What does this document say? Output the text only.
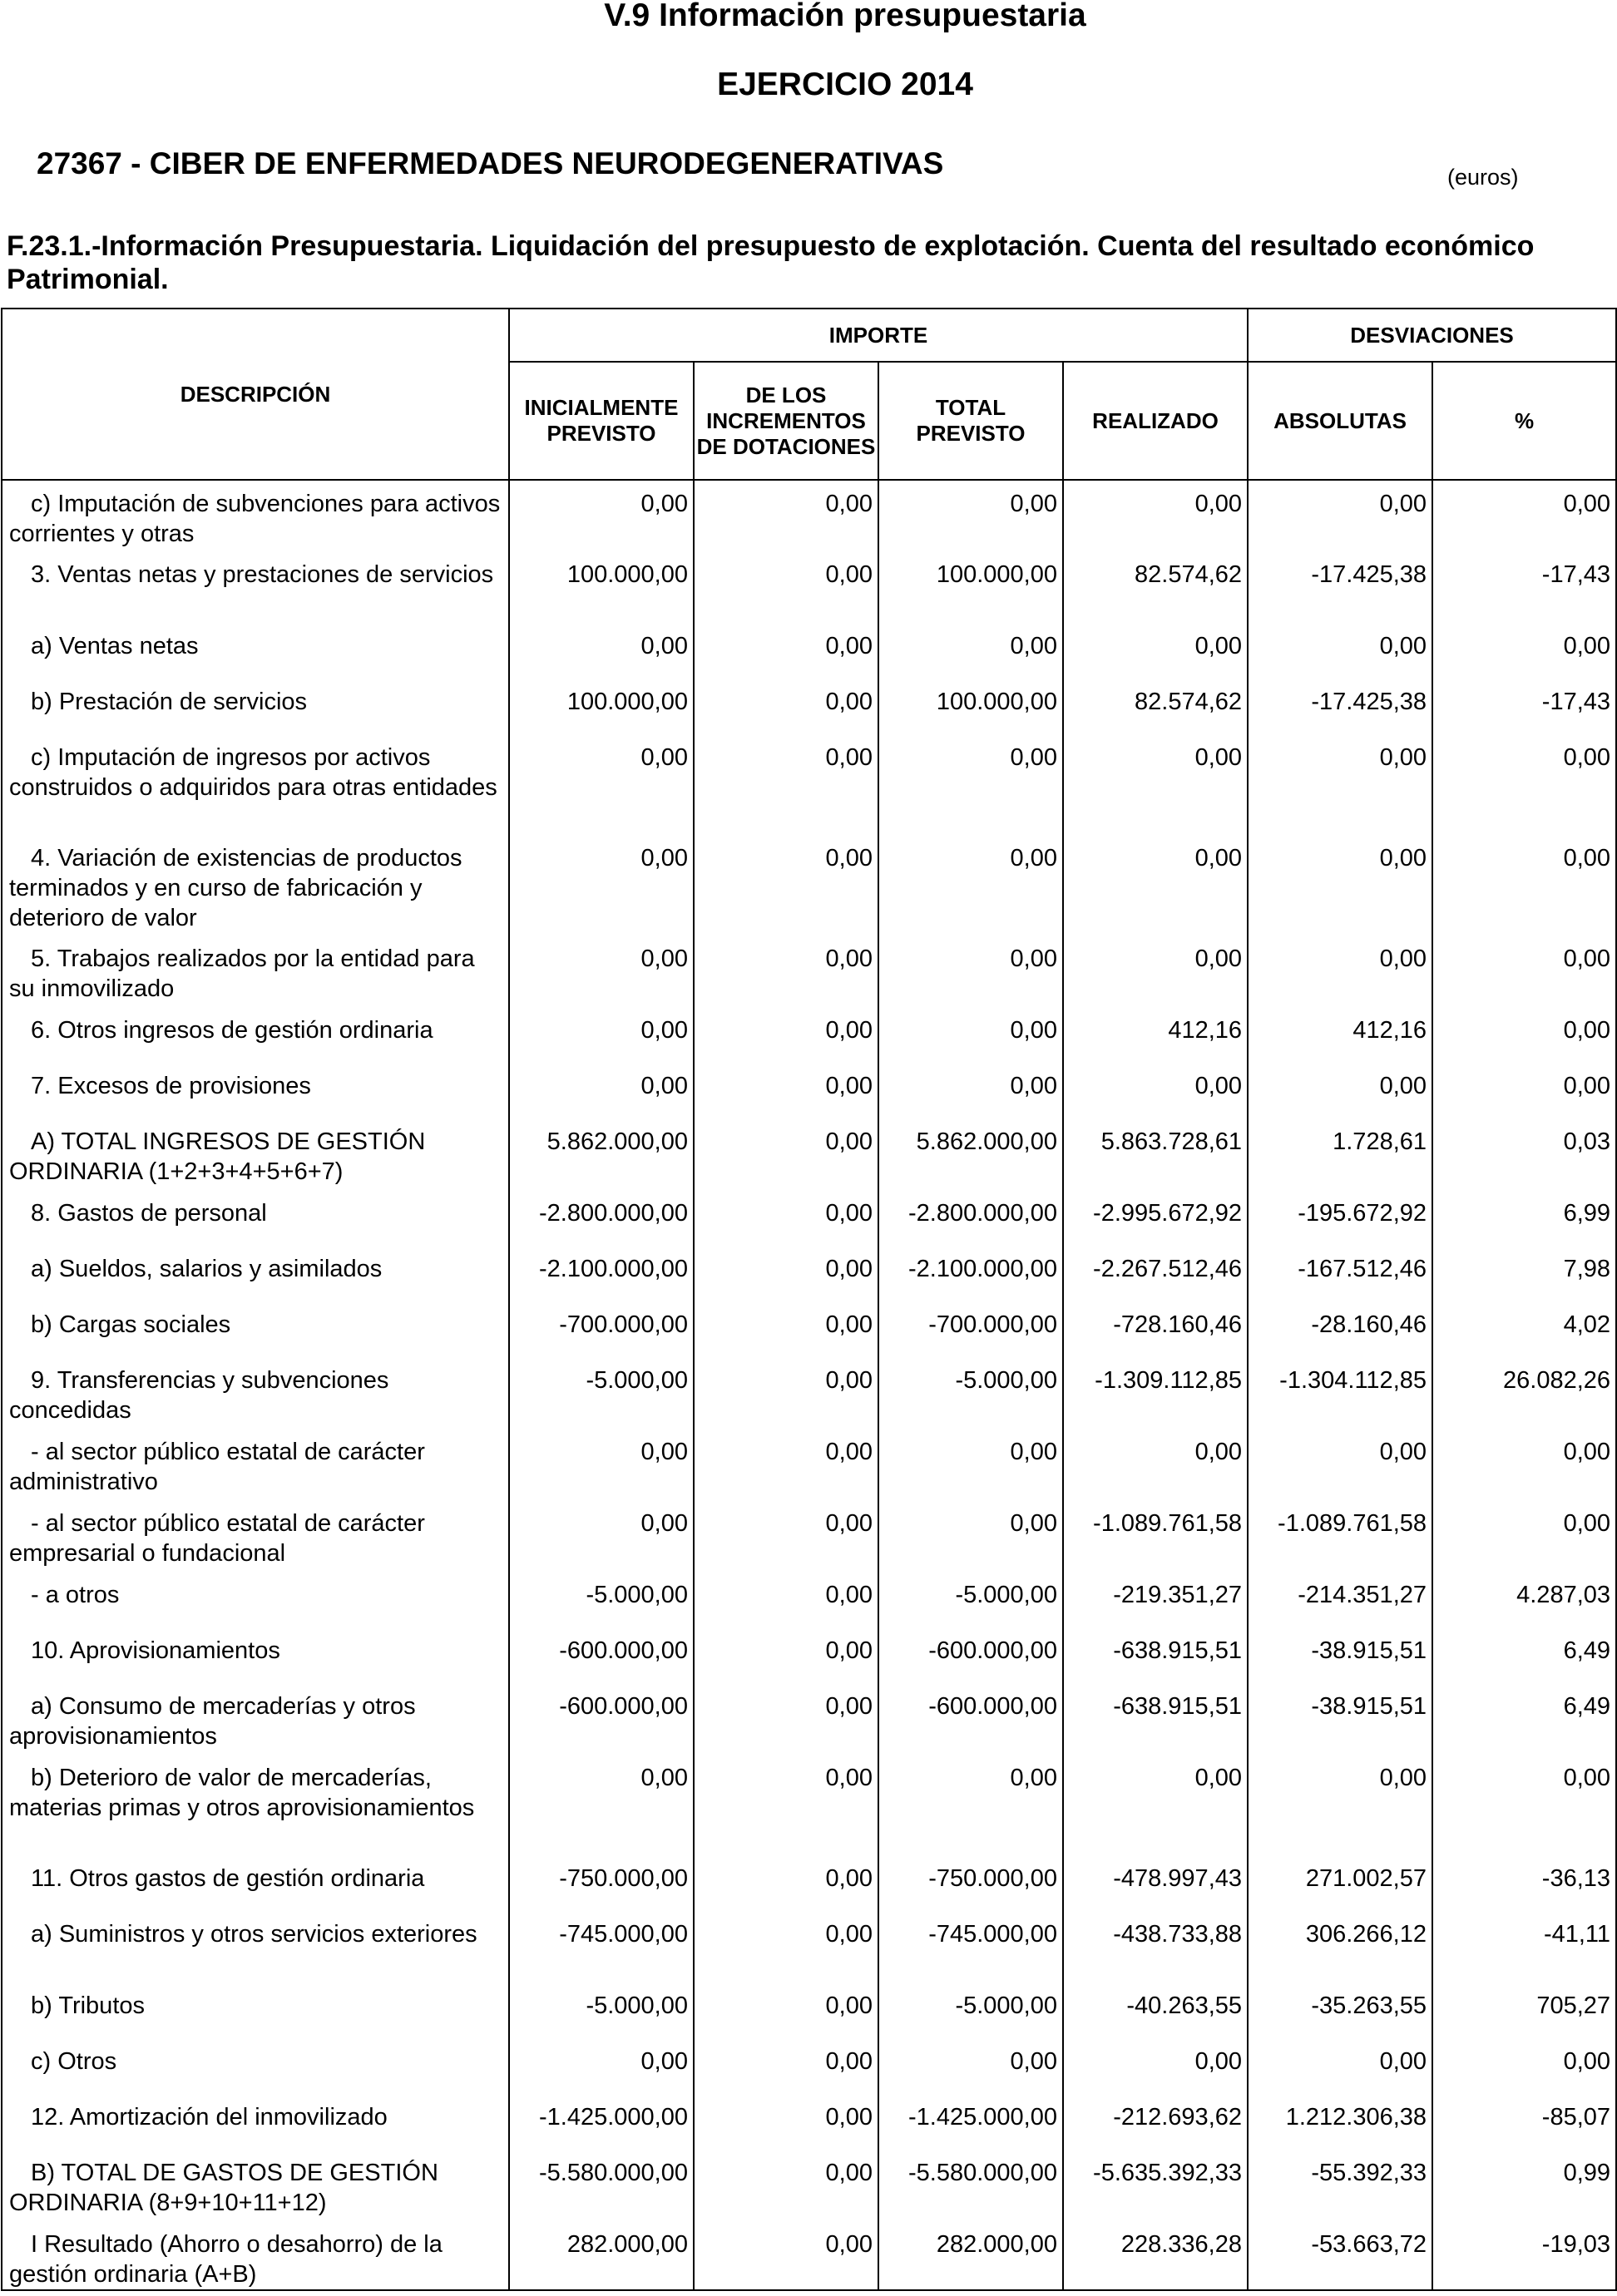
V.9 Información presupuestaria
EJERCICIO 2014
27367 - CIBER DE ENFERMEDADES NEURODEGENERATIVAS	(euros)
F.23.1.-Información Presupuestaria. Liquidación del presupuesto de explotación. Cuenta del resultado económico Patrimonial.
DESCRIPCIÓN	IMPORTE				DESVIACIONES	
	INICIALMENTE PREVISTO	DE LOS INCREMENTOS DE DOTACIONES	TOTAL PREVISTO	REALIZADO	ABSOLUTAS	%
c) Imputación de subvenciones para activos corrientes y otras	0,00	0,00	0,00	0,00	0,00	0,00
3. Ventas netas y prestaciones de servicios	100.000,00	0,00	100.000,00	82.574,62	-17.425,38	-17,43
a) Ventas netas	0,00	0,00	0,00	0,00	0,00	0,00
b) Prestación de servicios	100.000,00	0,00	100.000,00	82.574,62	-17.425,38	-17,43
c) Imputación de ingresos por activos construidos o adquiridos para otras entidades	0,00	0,00	0,00	0,00	0,00	0,00
4. Variación de existencias de productos terminados y en curso de fabricación y deterioro de valor	0,00	0,00	0,00	0,00	0,00	0,00
5. Trabajos realizados por la entidad para su inmovilizado	0,00	0,00	0,00	0,00	0,00	0,00
6. Otros ingresos de gestión ordinaria	0,00	0,00	0,00	412,16	412,16	0,00
7. Excesos de provisiones	0,00	0,00	0,00	0,00	0,00	0,00
A) TOTAL INGRESOS DE GESTIÓN ORDINARIA (1+2+3+4+5+6+7)	5.862.000,00	0,00	5.862.000,00	5.863.728,61	1.728,61	0,03
8. Gastos de personal	-2.800.000,00	0,00	-2.800.000,00	-2.995.672,92	-195.672,92	6,99
a) Sueldos, salarios y asimilados	-2.100.000,00	0,00	-2.100.000,00	-2.267.512,46	-167.512,46	7,98
b) Cargas sociales	-700.000,00	0,00	-700.000,00	-728.160,46	-28.160,46	4,02
9. Transferencias y subvenciones concedidas	-5.000,00	0,00	-5.000,00	-1.309.112,85	-1.304.112,85	26.082,26
- al sector público estatal de carácter administrativo	0,00	0,00	0,00	0,00	0,00	0,00
- al sector público estatal de carácter empresarial o fundacional	0,00	0,00	0,00	-1.089.761,58	-1.089.761,58	0,00
- a otros	-5.000,00	0,00	-5.000,00	-219.351,27	-214.351,27	4.287,03
10. Aprovisionamientos	-600.000,00	0,00	-600.000,00	-638.915,51	-38.915,51	6,49
a) Consumo de mercaderías y otros aprovisionamientos	-600.000,00	0,00	-600.000,00	-638.915,51	-38.915,51	6,49
b) Deterioro de valor de mercaderías, materias primas y otros aprovisionamientos	0,00	0,00	0,00	0,00	0,00	0,00
11. Otros gastos de gestión ordinaria	-750.000,00	0,00	-750.000,00	-478.997,43	271.002,57	-36,13
a) Suministros y otros servicios exteriores	-745.000,00	0,00	-745.000,00	-438.733,88	306.266,12	-41,11
b) Tributos	-5.000,00	0,00	-5.000,00	-40.263,55	-35.263,55	705,27
c) Otros	0,00	0,00	0,00	0,00	0,00	0,00
12. Amortización del inmovilizado	-1.425.000,00	0,00	-1.425.000,00	-212.693,62	1.212.306,38	-85,07
B) TOTAL DE GASTOS DE GESTIÓN ORDINARIA (8+9+10+11+12)	-5.580.000,00	0,00	-5.580.000,00	-5.635.392,33	-55.392,33	0,99
I Resultado (Ahorro o desahorro) de la gestión ordinaria (A+B)	282.000,00	0,00	282.000,00	228.336,28	-53.663,72	-19,03
